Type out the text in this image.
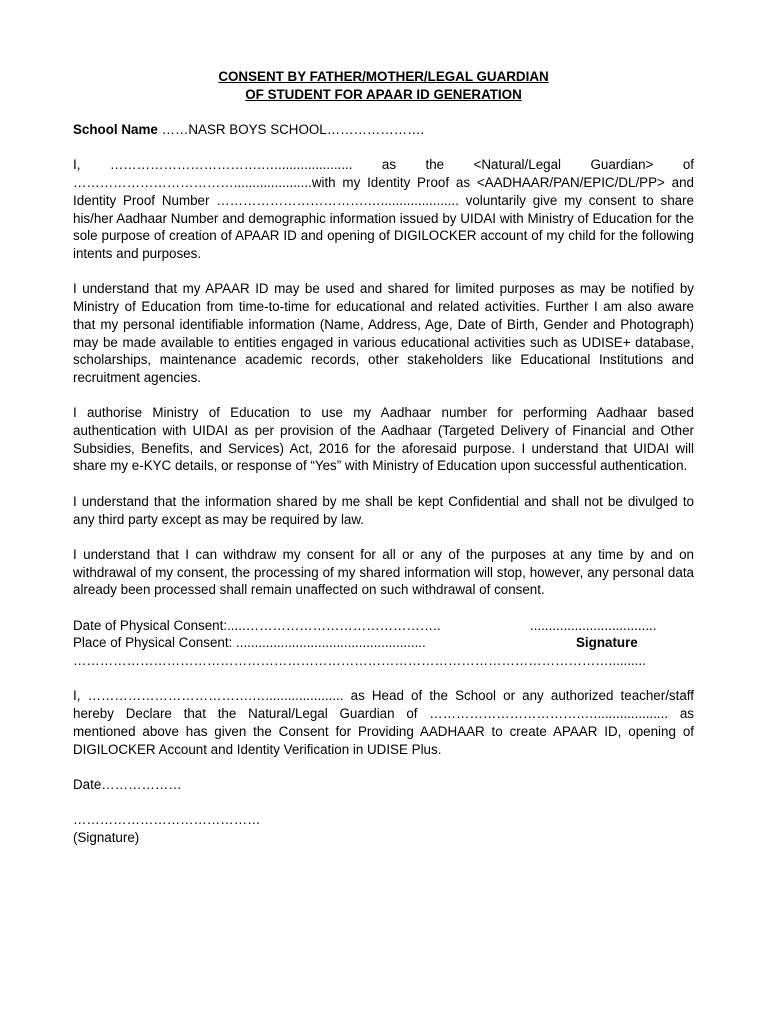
CONSENT BY FATHER/MOTHER/LEGAL GUARDIAN

OF STUDENT FOR APAAR ID GENERATION

School Name ……NASR BOYS SCHOOL………………….

I, …………………………….…..................... as the <Natural/Legal Guardian> of ……………………………….....................with my Identity Proof as <AADHAAR/PAN/EPIC/DL/PP> and Identity Proof Number …………………………….…..................... voluntarily give my consent to share his/her Aadhaar Number and demographic information issued by UIDAI with Ministry of Education for the sole purpose of creation of APAAR ID and opening of DIGILOCKER account of my child for the following intents and purposes.

I understand that my APAAR ID may be used and shared for limited purposes as may be notified by Ministry of Education from time-to-time for educational and related activities. Further I am also aware that my personal identifiable information (Name, Address, Age, Date of Birth, Gender and Photograph) may be made available to entities engaged in various educational activities such as UDISE+ database, scholarships, maintenance academic records, other stakeholders like Educational Institutions and recruitment agencies.

I authorise Ministry of Education to use my Aadhaar number for performing Aadhaar based authentication with UIDAI as per provision of the Aadhaar (Targeted Delivery of Financial and Other Subsidies, Benefits, and Services) Act, 2016 for the aforesaid purpose. I understand that UIDAI will share my e-KYC details, or response of “Yes” with Ministry of Education upon successful authentication.

I understand that the information shared by me shall be kept Confidential and shall not be divulged to any third party except as may be required by law.

I understand that I can withdraw my consent for all or any of the purposes at any time by and on withdrawal of my consent, the processing of my shared information will stop, however, any personal data already been processed shall remain unaffected on such withdrawal of consent.

Date of Physical Consent:.....……………………………………..	..................................
Place of Physical Consent: ...................................................	Signature
…………………………………………………………………………………………………………..........

I, ……………………………….…..................... as Head of the School or any authorized teacher/staff hereby Declare that the Natural/Legal Guardian of …………………………….….................... as mentioned above has given the Consent for Providing AADHAAR to create APAAR ID, opening of DIGILOCKER Account and Identity Verification in UDISE Plus.

Date………………

……………………………………

(Signature)
